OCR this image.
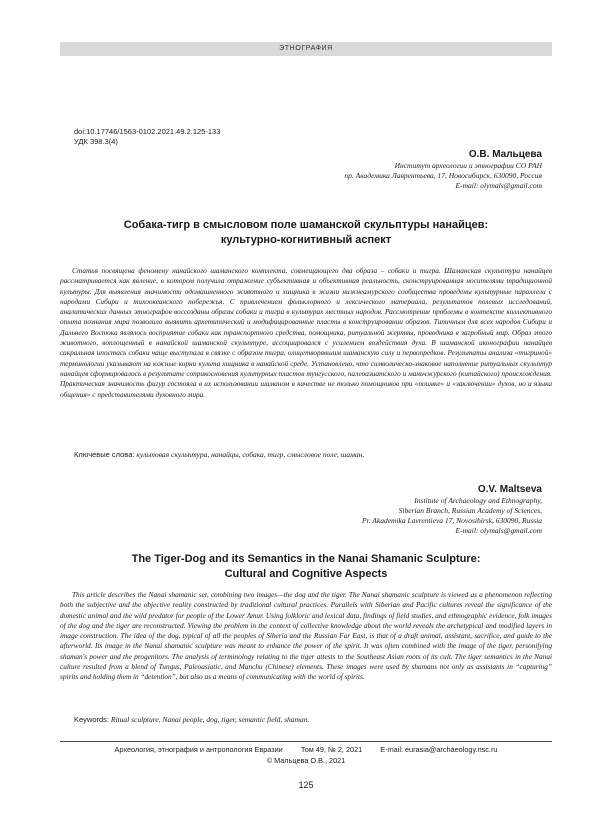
ЭТНОГРАФИЯ
doi:10.17746/1563-0102.2021.49.2.125-133
УДК 398.3(4)
О.В. Мальцева
Институт археологии и этнографии СО РАН
пр. Академика Лаврентьева, 17, Новосибирск, 630090, Россия
E-mail: olymals@gmail.com
Собака-тигр в смысловом поле шаманской скульптуры нанайцев:
культурно-когнитивный аспект

Статья посвящена феномену нанайского шаманского комплекта, совмещающего два образа – собаки и тигра. Шаманская скульптура нанайцев рассматривается как явление, в котором получила отражение субъективная и объективная реальность, сконструированная носителями традиционной культуры. Для выявления значимости одомашненного животного и хищника в жизни нижнеамурского сообщества проведены культурные параллели с народами Сибири и тихоокеанского побережья. С привлечением фольклорного и лексического материала, результатов полевых исследований, аналитических данных этнографов воссозданы образы собаки и тигра в культурах местных народов. Рассмотрение проблемы в контексте коллективного опыта познания мира позволило выявить архетипический и модифицированные пласты в конструировании образов. Типичным для всех народов Сибири и Дальнего Востока являлось восприятие собаки как транспортного средства, помощника, ритуальной жертвы, проводника в загробный мир. Образ этого животного, воплощенный в нанайской шаманской скульптуре, ассоциировался с усилением воздействия духа. В шаманской иконографии нанайцев сакральная ипостась собаки чаще выступала в связке с образом тигра, олицетворявшим шаманскую силу и первопредков. Результаты анализа «тигриной» терминологии указывают на южные корни культа хищника в нанайской среде. Установлено, что символическо-знаковое наполнение ритуальных скульптур нанайцев сформировалось в результате соприкосновения культурных пластов тунгусского, палеоазиатского и маньчжурского (китайского) происхождения. Практическая значимость фигур состояла в их использовании шаманом в качестве не только помощников при «поимке» и «заключении» духов, но и языка общения» с представителями духовного мира.

Ключевые слова: культовая скульптура, нанайцы, собака, тигр, смысловое поле, шаман.
O.V. Maltseva
Institute of Archaeology and Ethnography,
Siberian Branch, Russian Academy of Sciences,
Pr. Akademika Lavrentieva 17, Novosibirsk, 630090, Russia
E-mail: olymals@gmail.com
The Tiger-Dog and its Semantics in the Nanai Shamanic Sculpture:
Cultural and Cognitive Aspects

This article describes the Nanai shamanic set, combining two images—the dog and the tiger. The Nanai shamanic sculpture is viewed as a phenomenon reflecting both the subjective and the objective reality constructed by traditional cultural practices. Parallels with Siberian and Pacific cultures reveal the significance of the domestic animal and the wild predator for people of the Lower Amur. Using folkloric and lexical data, findings of field studies, and ethnographic evidence, folk images of the dog and the tiger are reconstructed. Viewing the problem in the context of collective knowledge about the world reveals the archetypical and modified layers in image construction. The idea of the dog, typical of all the peoples of Siberia and the Russian Far East, is that of a draft animal, assistant, sacrifice, and guide to the afterworld. Its image in the Nanai shamanic sculpture was meant to enhance the power of the spirit. It was often combined with the image of the tiger, personifying shaman's power and the progenitors. The analysis of terminology relating to the tiger attests to the Southeast Asian roots of its cult. The tiger semantics in the Nanai culture resulted from a blend of Tungus, Paleoasiatic, and Manchu (Chinese) elements. These images were used by shamans not only as assistants in “capturing” spirits and holding them in “detention”, but also as a means of communicating with the world of spirits.

Keywords: Ritual sculpture, Nanai people, dog, tiger, semantic field, shaman.
Археология, этнография и антропология Евразии Том 49, № 2, 2021 E-mail: eurasia@archaeology.nsc.ru
© Мальцева О.В., 2021
125
